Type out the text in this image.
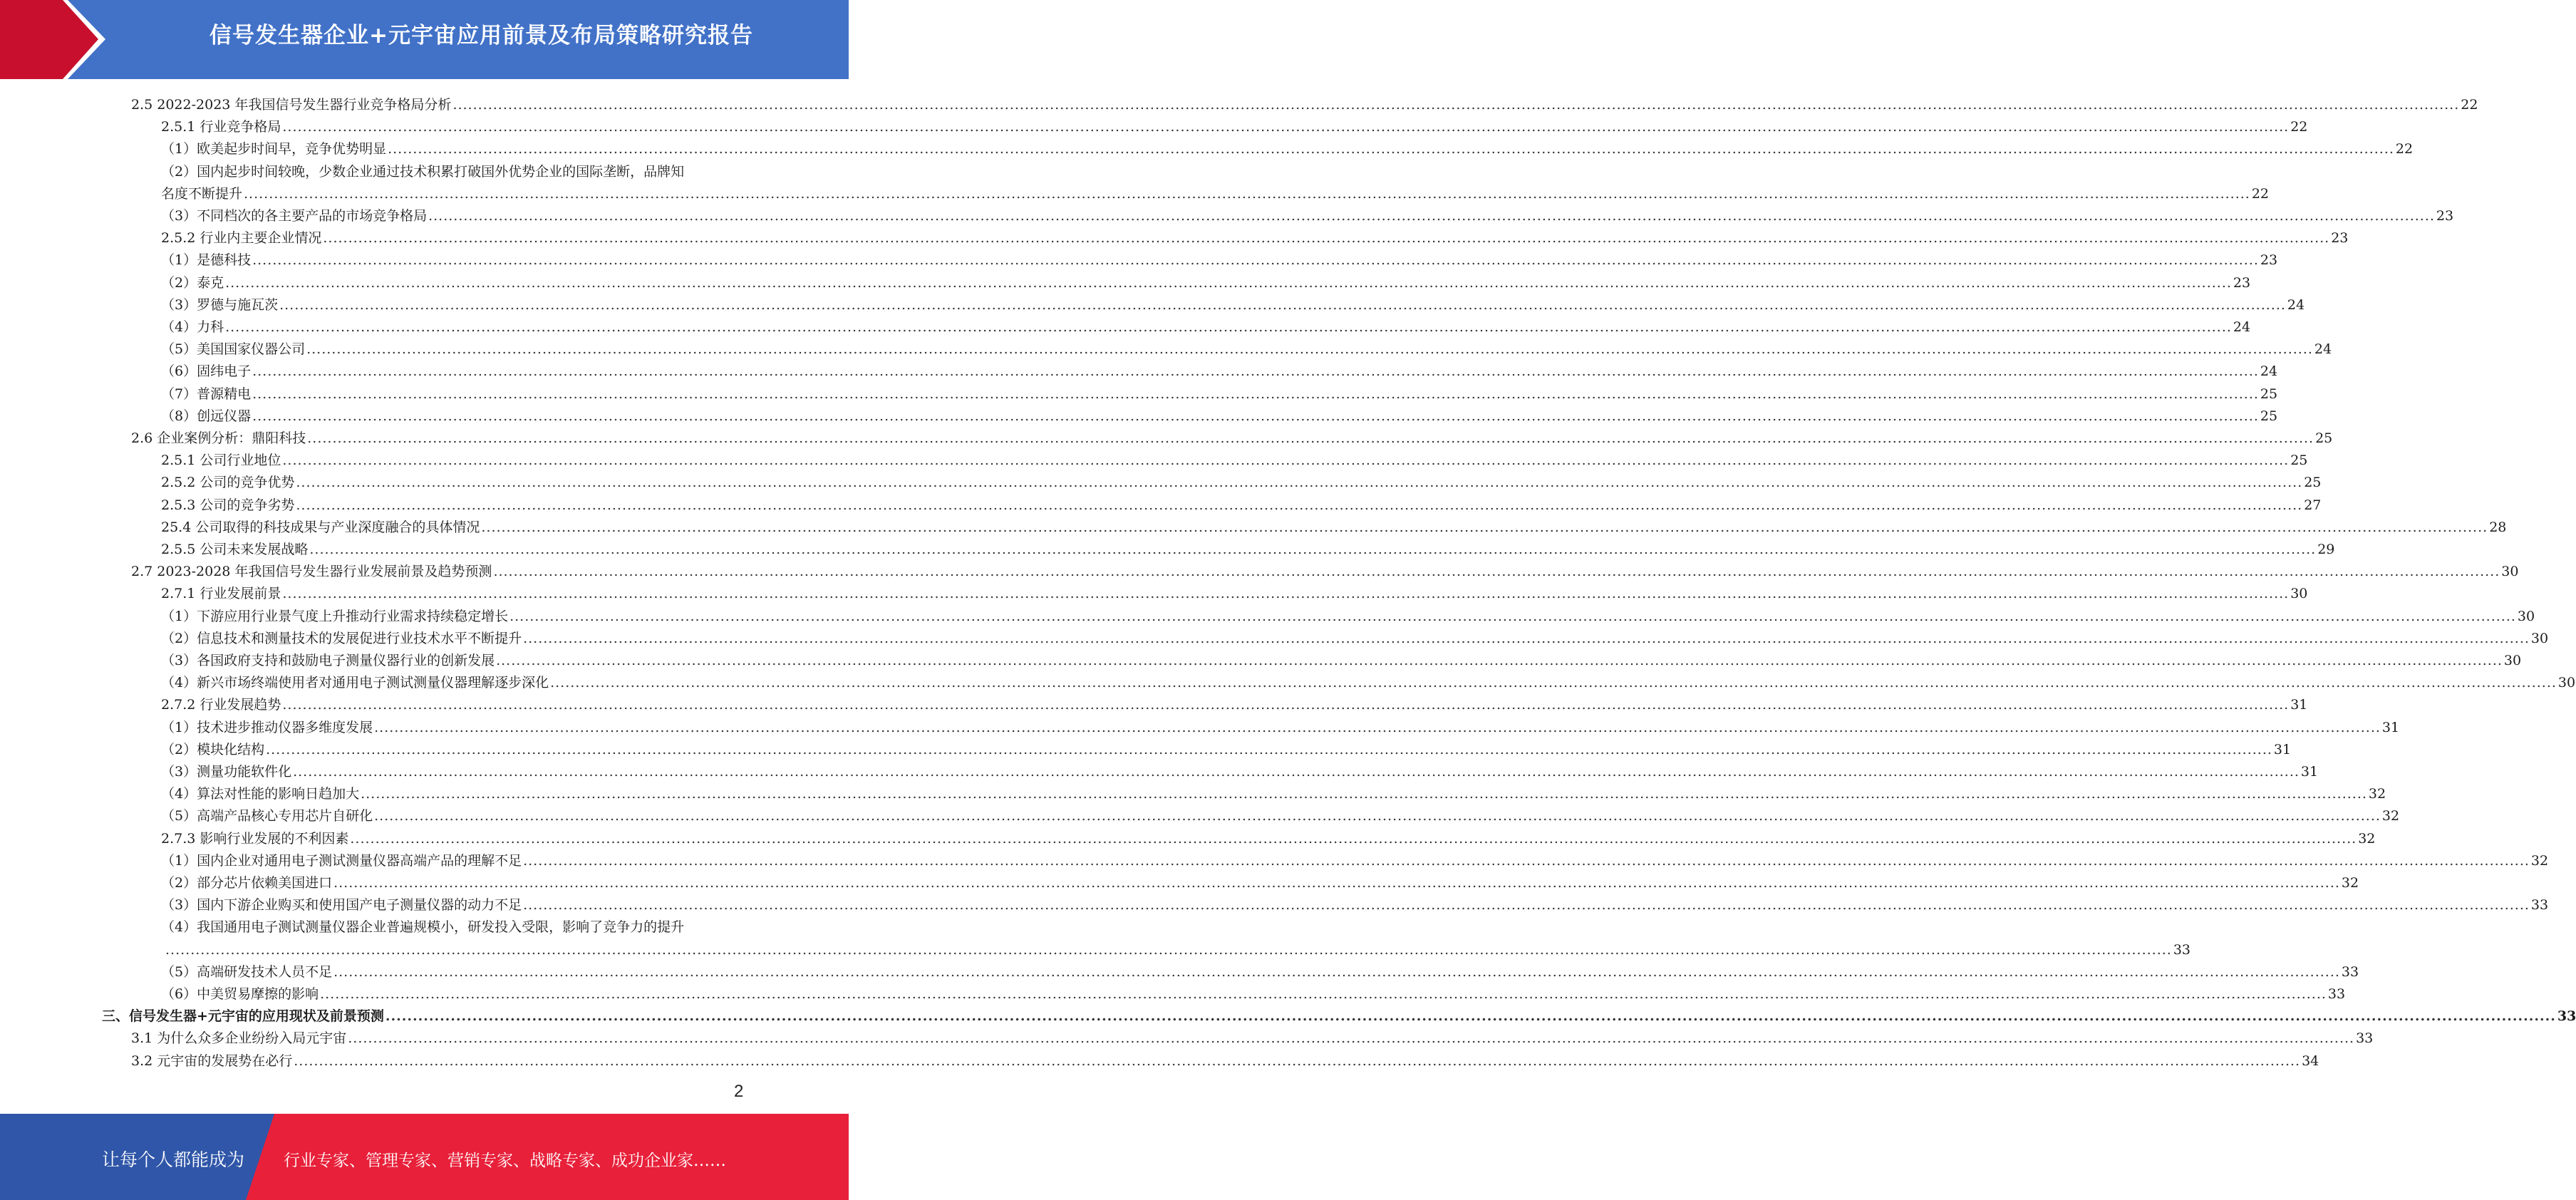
信号发生器企业+元宇宙应用前景及布局策略研究报告
2.5 2022-2023 年我国信号发生器行业竞争格局分析 ................................................................................................................................................................................................................................................................................................................................................................................................................ 22
2.5.1 行业竞争格局 ................................................................................................................................................................................................................................................................................................................................................................................................................ 22
（1）欧美起步时间早，竞争优势明显 ................................................................................................................................................................................................................................................................................................................................................................................................................ 22
（2）国内起步时间较晚，少数企业通过技术积累打破国外优势企业的国际垄断，品牌知
名度不断提升 ................................................................................................................................................................................................................................................................................................................................................................................................................ 22
（3）不同档次的各主要产品的市场竞争格局 ................................................................................................................................................................................................................................................................................................................................................................................................................ 23
2.5.2 行业内主要企业情况 ................................................................................................................................................................................................................................................................................................................................................................................................................ 23
（1）是德科技 ................................................................................................................................................................................................................................................................................................................................................................................................................ 23
（2）泰克 ................................................................................................................................................................................................................................................................................................................................................................................................................ 23
（3）罗德与施瓦茨 ................................................................................................................................................................................................................................................................................................................................................................................................................ 24
（4）力科 ................................................................................................................................................................................................................................................................................................................................................................................................................ 24
（5）美国国家仪器公司 ................................................................................................................................................................................................................................................................................................................................................................................................................ 24
（6）固纬电子 ................................................................................................................................................................................................................................................................................................................................................................................................................ 24
（7）普源精电 ................................................................................................................................................................................................................................................................................................................................................................................................................ 25
（8）创远仪器 ................................................................................................................................................................................................................................................................................................................................................................................................................ 25
2.6 企业案例分析：鼎阳科技 ................................................................................................................................................................................................................................................................................................................................................................................................................ 25
2.5.1 公司行业地位 ................................................................................................................................................................................................................................................................................................................................................................................................................ 25
2.5.2 公司的竞争优势 ................................................................................................................................................................................................................................................................................................................................................................................................................ 25
2.5.3 公司的竞争劣势 ................................................................................................................................................................................................................................................................................................................................................................................................................ 27
25.4 公司取得的科技成果与产业深度融合的具体情况 ................................................................................................................................................................................................................................................................................................................................................................................................................ 28
2.5.5 公司未来发展战略 ................................................................................................................................................................................................................................................................................................................................................................................................................ 29
2.7 2023-2028 年我国信号发生器行业发展前景及趋势预测 ................................................................................................................................................................................................................................................................................................................................................................................................................ 30
2.7.1 行业发展前景 ................................................................................................................................................................................................................................................................................................................................................................................................................ 30
（1）下游应用行业景气度上升推动行业需求持续稳定增长 ................................................................................................................................................................................................................................................................................................................................................................................................................ 30
（2）信息技术和测量技术的发展促进行业技术水平不断提升 ................................................................................................................................................................................................................................................................................................................................................................................................................ 30
（3）各国政府支持和鼓励电子测量仪器行业的创新发展 ................................................................................................................................................................................................................................................................................................................................................................................................................ 30
（4）新兴市场终端使用者对通用电子测试测量仪器理解逐步深化 ................................................................................................................................................................................................................................................................................................................................................................................................................ 30
2.7.2 行业发展趋势 ................................................................................................................................................................................................................................................................................................................................................................................................................ 31
（1）技术进步推动仪器多维度发展 ................................................................................................................................................................................................................................................................................................................................................................................................................ 31
（2）模块化结构 ................................................................................................................................................................................................................................................................................................................................................................................................................ 31
（3）测量功能软件化 ................................................................................................................................................................................................................................................................................................................................................................................................................ 31
（4）算法对性能的影响日趋加大 ................................................................................................................................................................................................................................................................................................................................................................................................................ 32
（5）高端产品核心专用芯片自研化 ................................................................................................................................................................................................................................................................................................................................................................................................................ 32
2.7.3 影响行业发展的不利因素 ................................................................................................................................................................................................................................................................................................................................................................................................................ 32
（1）国内企业对通用电子测试测量仪器高端产品的理解不足 ................................................................................................................................................................................................................................................................................................................................................................................................................ 32
（2）部分芯片依赖美国进口 ................................................................................................................................................................................................................................................................................................................................................................................................................ 32
（3）国内下游企业购买和使用国产电子测量仪器的动力不足 ................................................................................................................................................................................................................................................................................................................................................................................................................ 33
（4）我国通用电子测试测量仪器企业普遍规模小，研发投入受限，影响了竞争力的提升
................................................................................................................................................................................................................................................................................................................................................................................................................ 33
（5）高端研发技术人员不足 ................................................................................................................................................................................................................................................................................................................................................................................................................ 33
（6）中美贸易摩擦的影响 ................................................................................................................................................................................................................................................................................................................................................................................................................ 33
三、信号发生器+元宇宙的应用现状及前景预测 ................................................................................................................................................................................................................................................................................................................................................................................................................ 33
3.1 为什么众多企业纷纷入局元宇宙 ................................................................................................................................................................................................................................................................................................................................................................................................................ 33
3.2 元宇宙的发展势在必行 ................................................................................................................................................................................................................................................................................................................................................................................................................ 34
2
让每个人都能成为 行业专家、管理专家、营销专家、战略专家、成功企业家……
